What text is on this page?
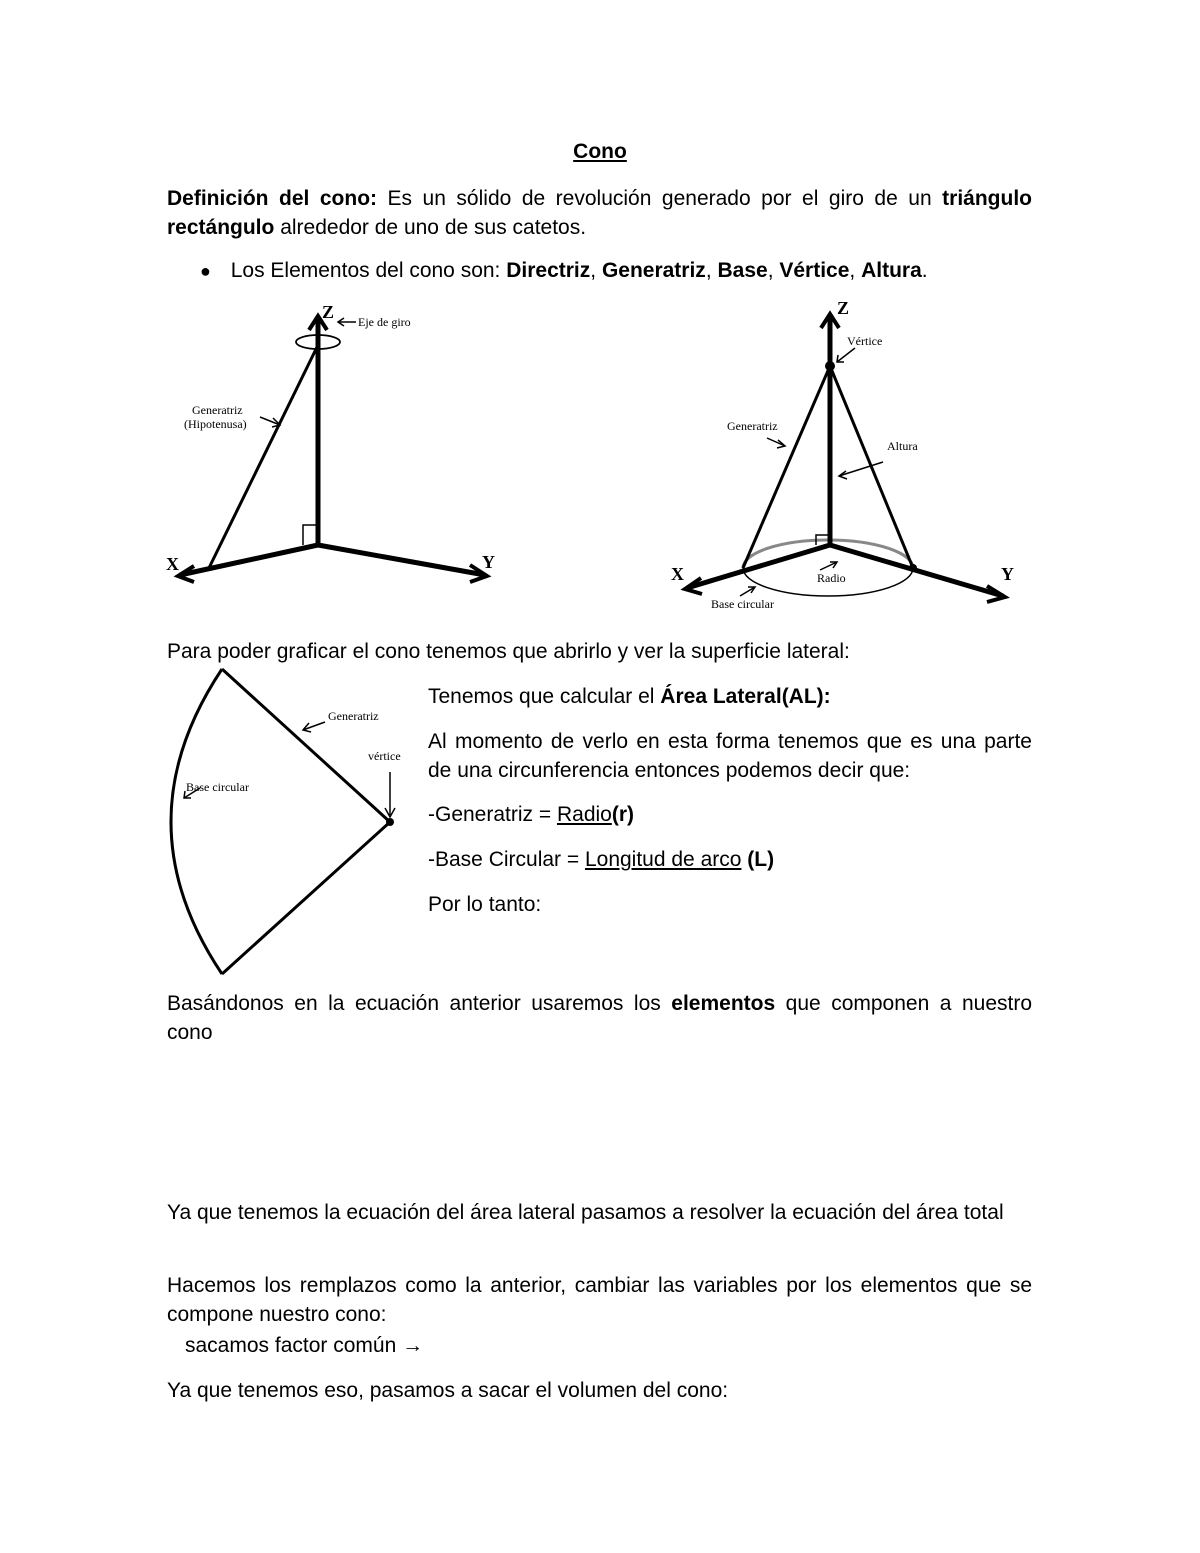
Cono

Definición del cono: Es un sólido de revolución generado por el giro de un triángulo rectángulo alrededor de uno de sus catetos.

● Los Elementos del cono son: Directriz, Generatriz, Base, Vértice, Altura.
Z
X	Y
Eje de giro
Generatriz
(Hipotenusa)
Z
X	Y
Vértice
Generatriz
Altura
Radio
Base circular

Para poder graficar el cono tenemos que abrirlo y ver la superficie lateral:

Generatriz
vértice
Base circular

Tenemos que calcular el Área Lateral(AL):

Al momento de verlo en esta forma tenemos que es una parte de una circunferencia entonces podemos decir que:

-Generatriz = Radio(r)

-Base Circular = Longitud de arco (L)

Por lo tanto:

Basándonos en la ecuación anterior usaremos los elementos que componen a nuestro cono

Ya que tenemos la ecuación del área lateral pasamos a resolver la ecuación del área total

Hacemos los remplazos como la anterior, cambiar las variables por los elementos que se compone nuestro cono:

sacamos factor común →

Ya que tenemos eso, pasamos a sacar el volumen del cono:
